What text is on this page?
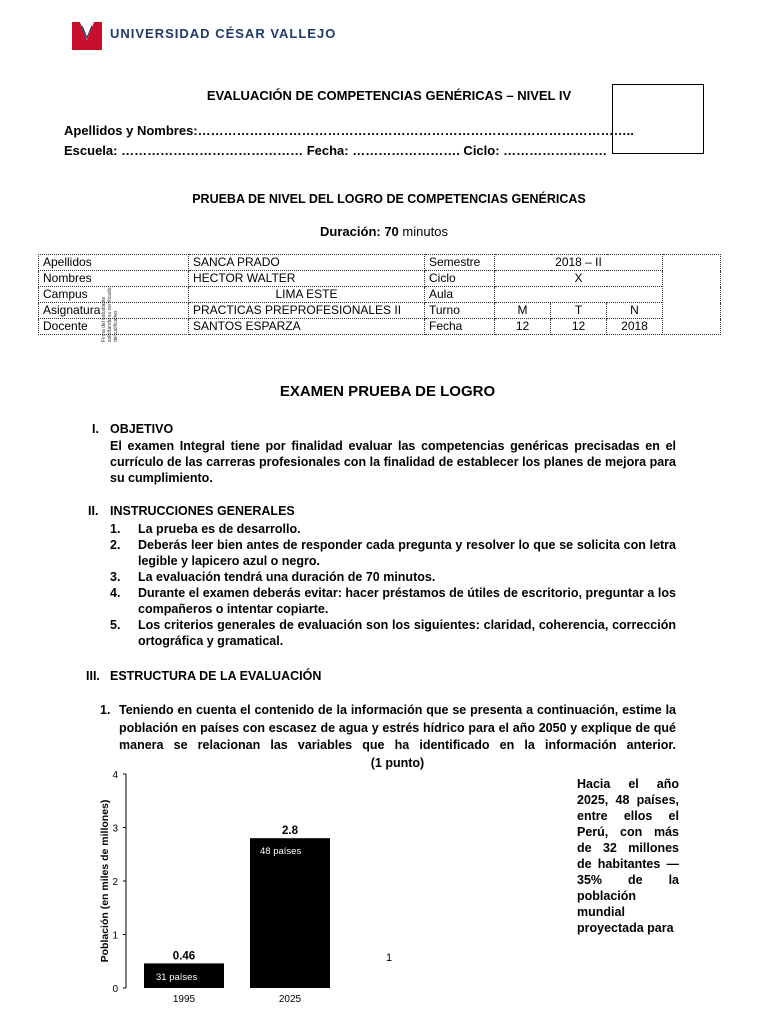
UNIVERSIDAD CÉSAR VALLEJO
EVALUACIÓN DE COMPETENCIAS GENÉRICAS – NIVEL IV
Apellidos y Nombres:………………………………………………………………………………………..
Escuela: …………………………………… Fecha: ……………………. Ciclo: ……………………
PRUEBA DE NIVEL DEL LOGRO DE COMPETENCIAS GENÉRICAS
Duración: 70 minutos
Apellidos	SANCA PRADO	Semestre	2018 – II			
Nombres	HECTOR WALTER	Ciclo	X			
Campus	LIMA ESTE	Aula				
Asignatura	PRACTICAS PREPROFESIONALES II	Turno	M	T	N	
Docente	SANTOS ESPARZA	Fecha	12	12	2018	
Firma del estudiante solicitando su certificado del calificativo
EXAMEN PRUEBA DE LOGRO
I. OBJETIVO
El examen Integral tiene por finalidad evaluar las competencias genéricas precisadas en el currículo de las carreras profesionales con la finalidad de establecer los planes de mejora para su cumplimiento.
II. INSTRUCCIONES GENERALES
1. La prueba es de desarrollo.
2. Deberás leer bien antes de responder cada pregunta y resolver lo que se solicita con letra legible y lapicero azul o negro.
3. La evaluación tendrá una duración de 70 minutos.
4. Durante el examen deberás evitar: hacer préstamos de útiles de escritorio, preguntar a los compañeros o intentar copiarte.
5. Los criterios generales de evaluación son los siguientes: claridad, coherencia, corrección ortográfica y gramatical.
III. ESTRUCTURA DE LA EVALUACIÓN
1. Teniendo en cuenta el contenido de la información que se presenta a continuación, estime la población en países con escasez de agua y estrés hídrico para el año 2050 y explique de qué manera se relacionan las variables que ha identificado en la información anterior.
(1 punto)
0
1
2
3
4
Población (en miles de millones)	0.46
31 países
1995
2.8
48 países
2025
Hacia el año 2025, 48 países, entre ellos el Perú, con más de 32 millones de habitantes — 35% de la población mundial
proyectada para
1
